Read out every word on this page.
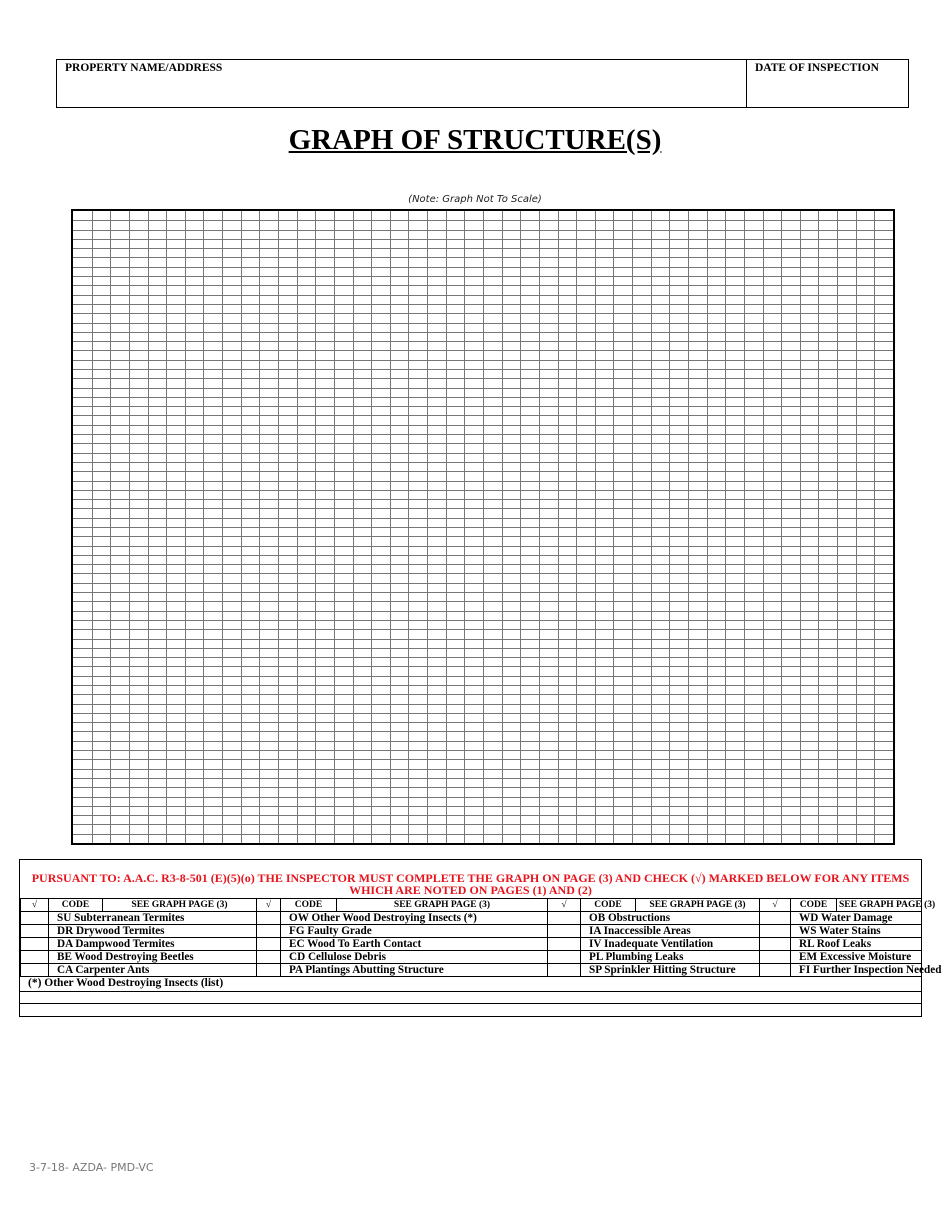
PROPERTY NAME/ADDRESS	DATE OF INSPECTION
GRAPH OF STRUCTURE(S)
(Note: Graph Not To Scale)
PURSUANT TO: A.A.C. R3-8-501 (E)(5)(o) THE INSPECTOR MUST COMPLETE THE GRAPH ON PAGE (3) AND CHECK (√) MARKED BELOW FOR ANY ITEMS WHICH ARE NOTED ON PAGES (1) AND (2)
√	CODE	SEE GRAPH PAGE (3)	√	CODE	SEE GRAPH PAGE (3)	√	CODE	SEE GRAPH PAGE (3)	√	CODE	SEE GRAPH PAGE (3)
	SU Subterranean Termites			OW Other Wood Destroying Insects (*)			OB Obstructions			WD Water Damage	
	DR Drywood Termites			FG Faulty Grade			IA Inaccessible Areas			WS Water Stains	
	DA Dampwood Termites			EC Wood To Earth Contact			IV Inadequate Ventilation			RL Roof Leaks	
	BE Wood Destroying Beetles			CD Cellulose Debris			PL Plumbing Leaks			EM Excessive Moisture	
	CA Carpenter Ants			PA Plantings Abutting Structure			SP Sprinkler Hitting Structure			FI Further Inspection Needed	
(*) Other Wood Destroying Insects (list)
3-7-18- AZDA- PMD-VC
